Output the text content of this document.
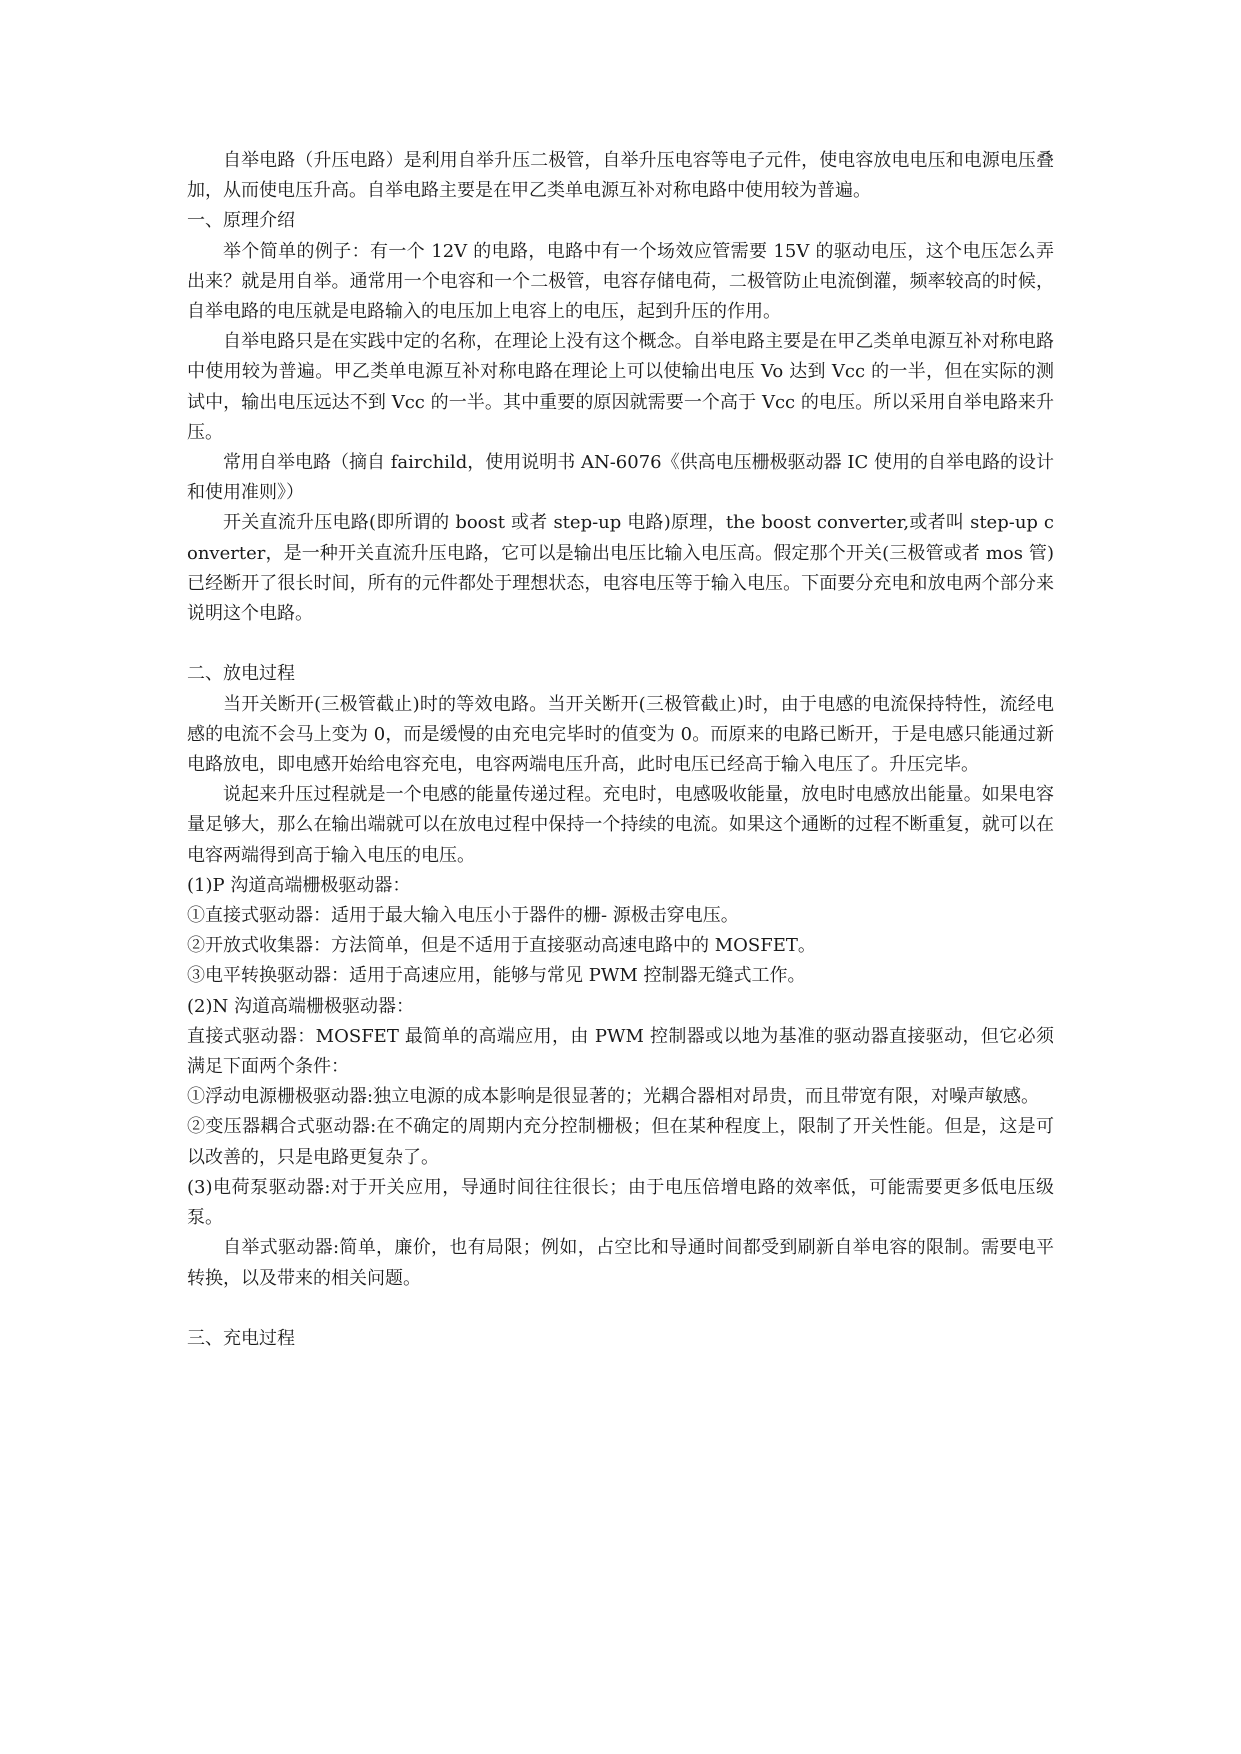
自举电路（升压电路）是利用自举升压二极管，自举升压电容等电子元件，使电容放电电压和电源电压叠加，从而使电压升高。自举电路主要是在甲乙类单电源互补对称电路中使用较为普遍。

一、原理介绍

举个简单的例子：有一个 12V 的电路，电路中有一个场效应管需要 15V 的驱动电压，这个电压怎么弄出来？就是用自举。通常用一个电容和一个二极管，电容存储电荷，二极管防止电流倒灌，频率较高的时候，自举电路的电压就是电路输入的电压加上电容上的电压，起到升压的作用。

自举电路只是在实践中定的名称，在理论上没有这个概念。自举电路主要是在甲乙类单电源互补对称电路中使用较为普遍。甲乙类单电源互补对称电路在理论上可以使输出电压 Vo 达到 Vcc 的一半，但在实际的测试中，输出电压远达不到 Vcc 的一半。其中重要的原因就需要一个高于 Vcc 的电压。所以采用自举电路来升压。

常用自举电路（摘自 fairchild，使用说明书 AN-6076《供高电压栅极驱动器 IC 使用的自举电路的设计和使用准则》）

开关直流升压电路(即所谓的 boost 或者 step-up 电路)原理，the boost converter,或者叫 step-up converter，是一种开关直流升压电路，它可以是输出电压比输入电压高。假定那个开关(三极管或者 mos 管)已经断开了很长时间，所有的元件都处于理想状态，电容电压等于输入电压。下面要分充电和放电两个部分来说明这个电路。

二、放电过程

当开关断开(三极管截止)时的等效电路。当开关断开(三极管截止)时，由于电感的电流保持特性，流经电感的电流不会马上变为 0，而是缓慢的由充电完毕时的值变为 0。而原来的电路已断开，于是电感只能通过新电路放电，即电感开始给电容充电，电容两端电压升高，此时电压已经高于输入电压了。升压完毕。

说起来升压过程就是一个电感的能量传递过程。充电时，电感吸收能量，放电时电感放出能量。如果电容量足够大，那么在输出端就可以在放电过程中保持一个持续的电流。如果这个通断的过程不断重复，就可以在电容两端得到高于输入电压的电压。

(1)P 沟道高端栅极驱动器：

①直接式驱动器：适用于最大输入电压小于器件的栅- 源极击穿电压。

②开放式收集器：方法简单，但是不适用于直接驱动高速电路中的 MOSFET。

③电平转换驱动器：适用于高速应用，能够与常见 PWM 控制器无缝式工作。

(2)N 沟道高端栅极驱动器：

直接式驱动器：MOSFET 最简单的高端应用，由 PWM 控制器或以地为基准的驱动器直接驱动，但它必须满足下面两个条件：

①浮动电源栅极驱动器:独立电源的成本影响是很显著的；光耦合器相对昂贵，而且带宽有限，对噪声敏感。

②变压器耦合式驱动器:在不确定的周期内充分控制栅极；但在某种程度上，限制了开关性能。但是，这是可以改善的，只是电路更复杂了。

(3)电荷泵驱动器:对于开关应用，导通时间往往很长；由于电压倍增电路的效率低，可能需要更多低电压级泵。

自举式驱动器:简单，廉价，也有局限；例如，占空比和导通时间都受到刷新自举电容的限制。需要电平转换，以及带来的相关问题。

三、充电过程
